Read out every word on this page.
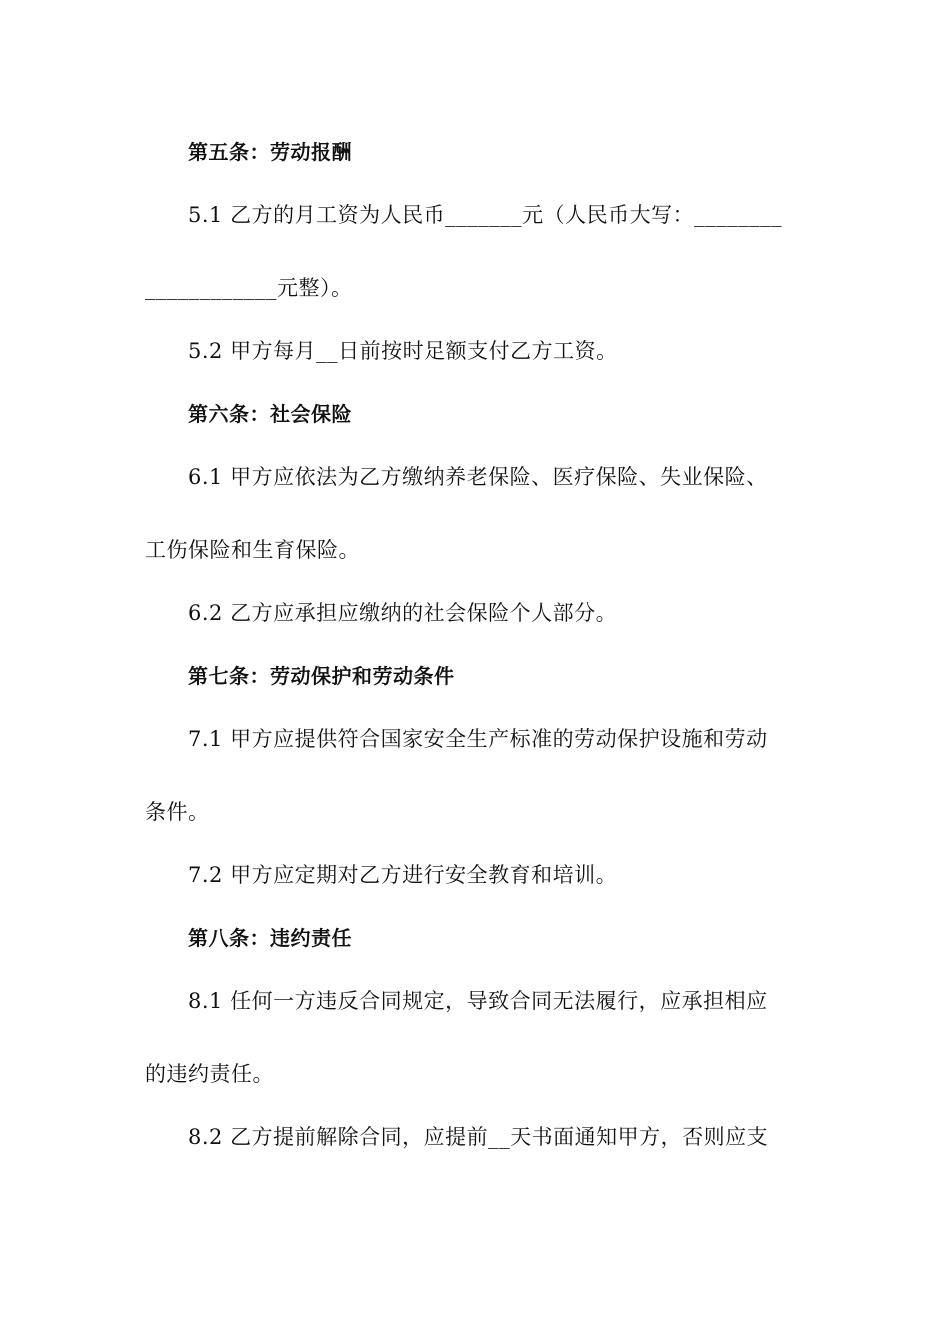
第五条：劳动报酬
5.1 乙方的月工资为人民币_______元（人民币大写：________
____________元整）。
5.2 甲方每月__日前按时足额支付乙方工资。
第六条：社会保险
6.1 甲方应依法为乙方缴纳养老保险、医疗保险、失业保险、
工伤保险和生育保险。
6.2 乙方应承担应缴纳的社会保险个人部分。
第七条：劳动保护和劳动条件
7.1 甲方应提供符合国家安全生产标准的劳动保护设施和劳动
条件。
7.2 甲方应定期对乙方进行安全教育和培训。
第八条：违约责任
8.1 任何一方违反合同规定，导致合同无法履行，应承担相应
的违约责任。
8.2 乙方提前解除合同，应提前__天书面通知甲方，否则应支
